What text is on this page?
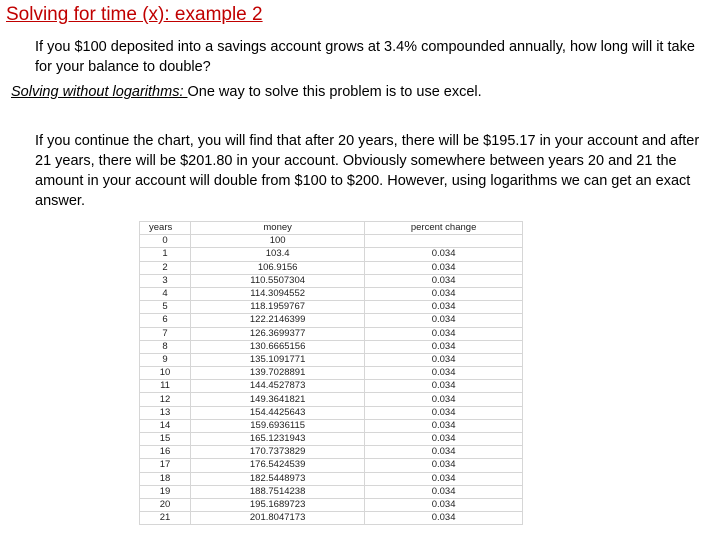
Solving for time (x): example 2
If you $100 deposited into a savings account grows at 3.4% compounded annually, how long will it take for your balance to double?
Solving without logarithms: One way to solve this problem is to use excel.
If you continue the chart, you will find that after 20 years, there will be $195.17 in your account and after 21 years, there will be $201.80 in your account. Obviously somewhere between years 20 and 21 the amount in your account will double from $100 to $200. However, using logarithms we can get an exact answer.
years	money	percent change
0	100	
1	103.4	0.034
2	106.9156	0.034
3	110.5507304	0.034
4	114.3094552	0.034
5	118.1959767	0.034
6	122.2146399	0.034
7	126.3699377	0.034
8	130.6665156	0.034
9	135.1091771	0.034
10	139.7028891	0.034
11	144.4527873	0.034
12	149.3641821	0.034
13	154.4425643	0.034
14	159.6936115	0.034
15	165.1231943	0.034
16	170.7373829	0.034
17	176.5424539	0.034
18	182.5448973	0.034
19	188.7514238	0.034
20	195.1689723	0.034
21	201.8047173	0.034
